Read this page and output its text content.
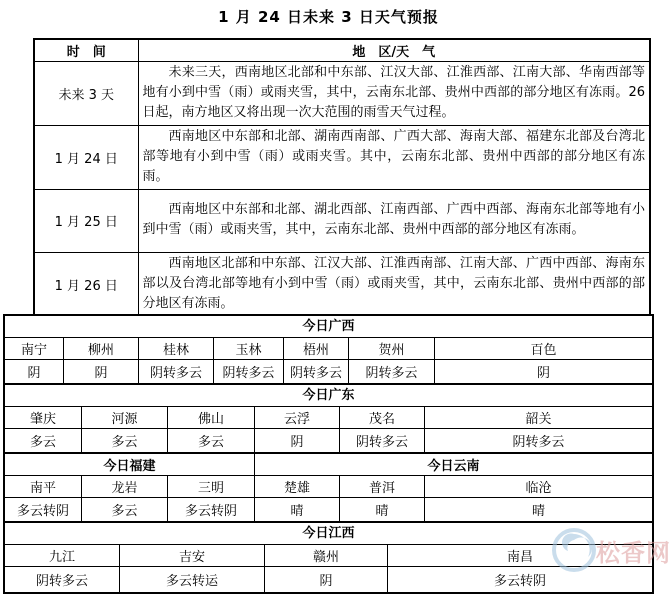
1 月 24 日未来 3 日天气预报
时　间	地　区/天　气
未来 3 天	未来三天，西南地区北部和中东部、江汉大部、江淮西部、江南大部、华南西部等地有小到中雪（雨）或雨夹雪，其中，云南东北部、贵州中西部的部分地区有冻雨。26 日起，南方地区又将出现一次大范围的雨雪天气过程。
1 月 24 日	西南地区中东部和北部、湖南西南部、广西大部、海南大部、福建东北部及台湾北部等地有小到中雪（雨）或雨夹雪。其中，云南东北部、贵州中西部的部分地区有冻雨。
1 月 25 日	西南地区中东部和北部、湖北西部、江南西部、广西中西部、海南东北部等地有小到中雪（雨）或雨夹雪，其中，云南东北部、贵州中西部的部分地区有冻雨。
1 月 26 日	西南地区北部和中东部、江汉大部、江淮西南部、江南大部、广西中西部、海南东部以及台湾北部等地有小到中雪（雨）或雨夹雪，其中，云南东北部、贵州中西部的部分地区有冻雨。
今日广西
南宁	柳州	桂林	玉林	梧州	贺州	百色
阴	阴	阴转多云	阴转多云	阴转多云	阴转多云	阴
今日广东
肇庆	河源	佛山	云浮	茂名	韶关
多云	多云	多云	阴	阴转多云	阴转多云
今日福建	今日云南
南平	龙岩	三明	楚雄	普洱	临沧
多云转阴	多云	多云转阴	晴	晴	晴
今日江西
九江	吉安	赣州	南昌
阴转多云	多云转运	阴	多云转阴
松香网
